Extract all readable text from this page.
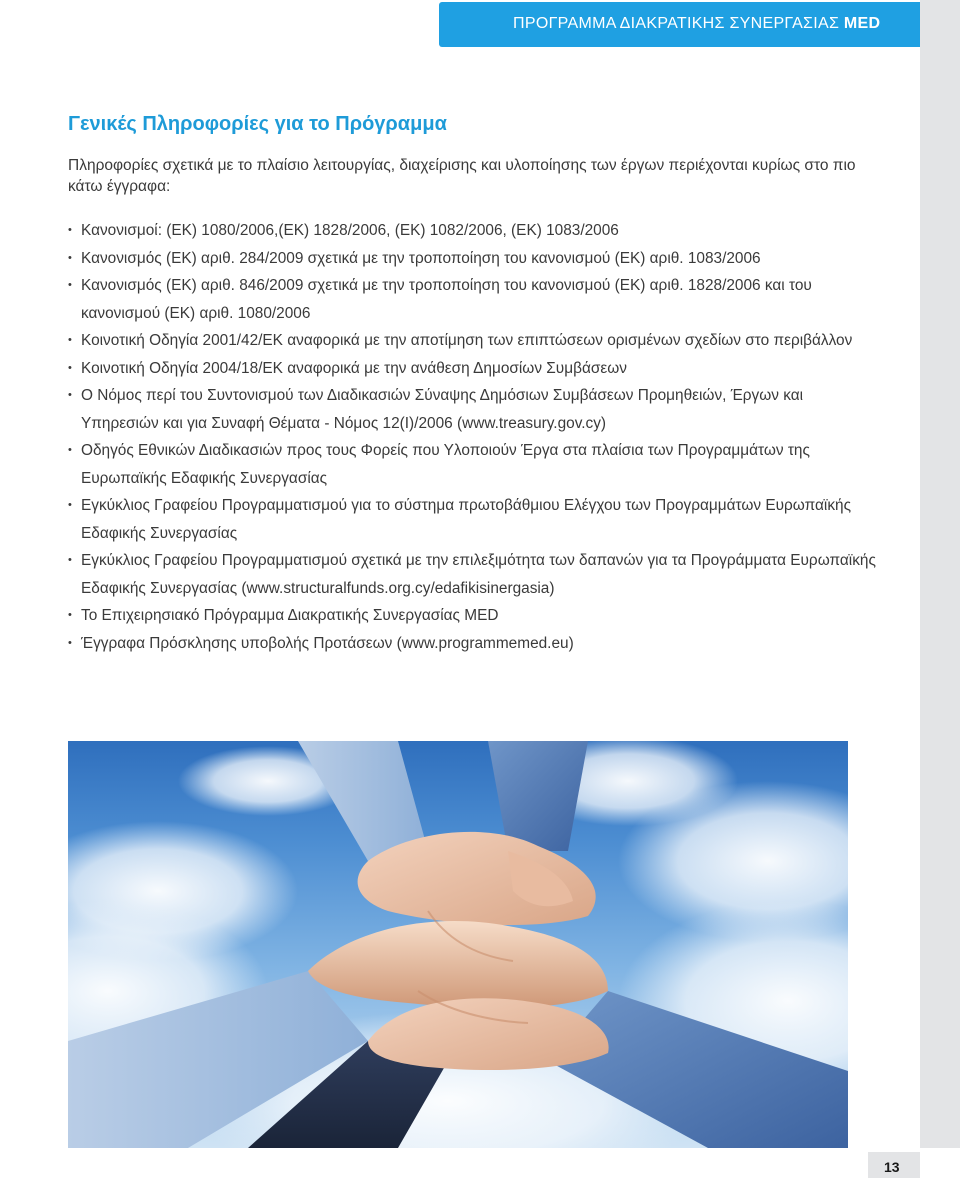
ΠΡΟΓΡΑΜΜΑ ΔΙΑΚΡΑΤΙΚΗΣ ΣΥΝΕΡΓΑΣΙΑΣ MED
Γενικές Πληροφορίες για το Πρόγραμμα

Πληροφορίες σχετικά με το πλαίσιο λειτουργίας, διαχείρισης και υλοποίησης των έργων περιέχονται κυρίως στο πιο κάτω έγγραφα:

• Κανονισμοί: (ΕΚ) 1080/2006,(ΕΚ) 1828/2006, (ΕΚ) 1082/2006, (ΕΚ) 1083/2006
• Κανονισμός (ΕΚ) αριθ. 284/2009 σχετικά με την τροποποίηση του κανονισμού (ΕΚ) αριθ. 1083/2006
• Κανονισμός (ΕΚ) αριθ. 846/2009 σχετικά με την τροποποίηση του κανονισμού (ΕΚ) αριθ. 1828/2006 και του κανονισμού (ΕΚ) αριθ. 1080/2006
• Κοινοτική Οδηγία 2001/42/ΕΚ αναφορικά με την αποτίμηση των επιπτώσεων ορισμένων σχεδίων στο περιβάλλον
• Κοινοτική Οδηγία 2004/18/ΕΚ αναφορικά με την ανάθεση Δημοσίων Συμβάσεων
• Ο Νόμος περί του Συντονισμού των Διαδικασιών Σύναψης Δημόσιων Συμβάσεων Προμηθειών, Έργων και Υπηρεσιών και για Συναφή Θέματα - Νόμος 12(Ι)/2006 (www.treasury.gov.cy)
• Οδηγός Εθνικών Διαδικασιών προς τους Φορείς που Υλοποιούν Έργα στα πλαίσια των Προγραμμάτων της Ευρωπαϊκής Εδαφικής Συνεργασίας
• Εγκύκλιος Γραφείου Προγραμματισμού για το σύστημα πρωτοβάθμιου Ελέγχου των Προγραμμάτων Ευρωπαϊκής Εδαφικής Συνεργασίας
• Εγκύκλιος Γραφείου Προγραμματισμού σχετικά με την επιλεξιμότητα των δαπανών για τα Προγράμματα Ευρωπαϊκής Εδαφικής Συνεργασίας (www.structuralfunds.org.cy/edafikisinergasia)
• Το Επιχειρησιακό Πρόγραμμα Διακρατικής Συνεργασίας MED
• Έγγραφα Πρόσκλησης υποβολής Προτάσεων (www.programmemed.eu)
13
